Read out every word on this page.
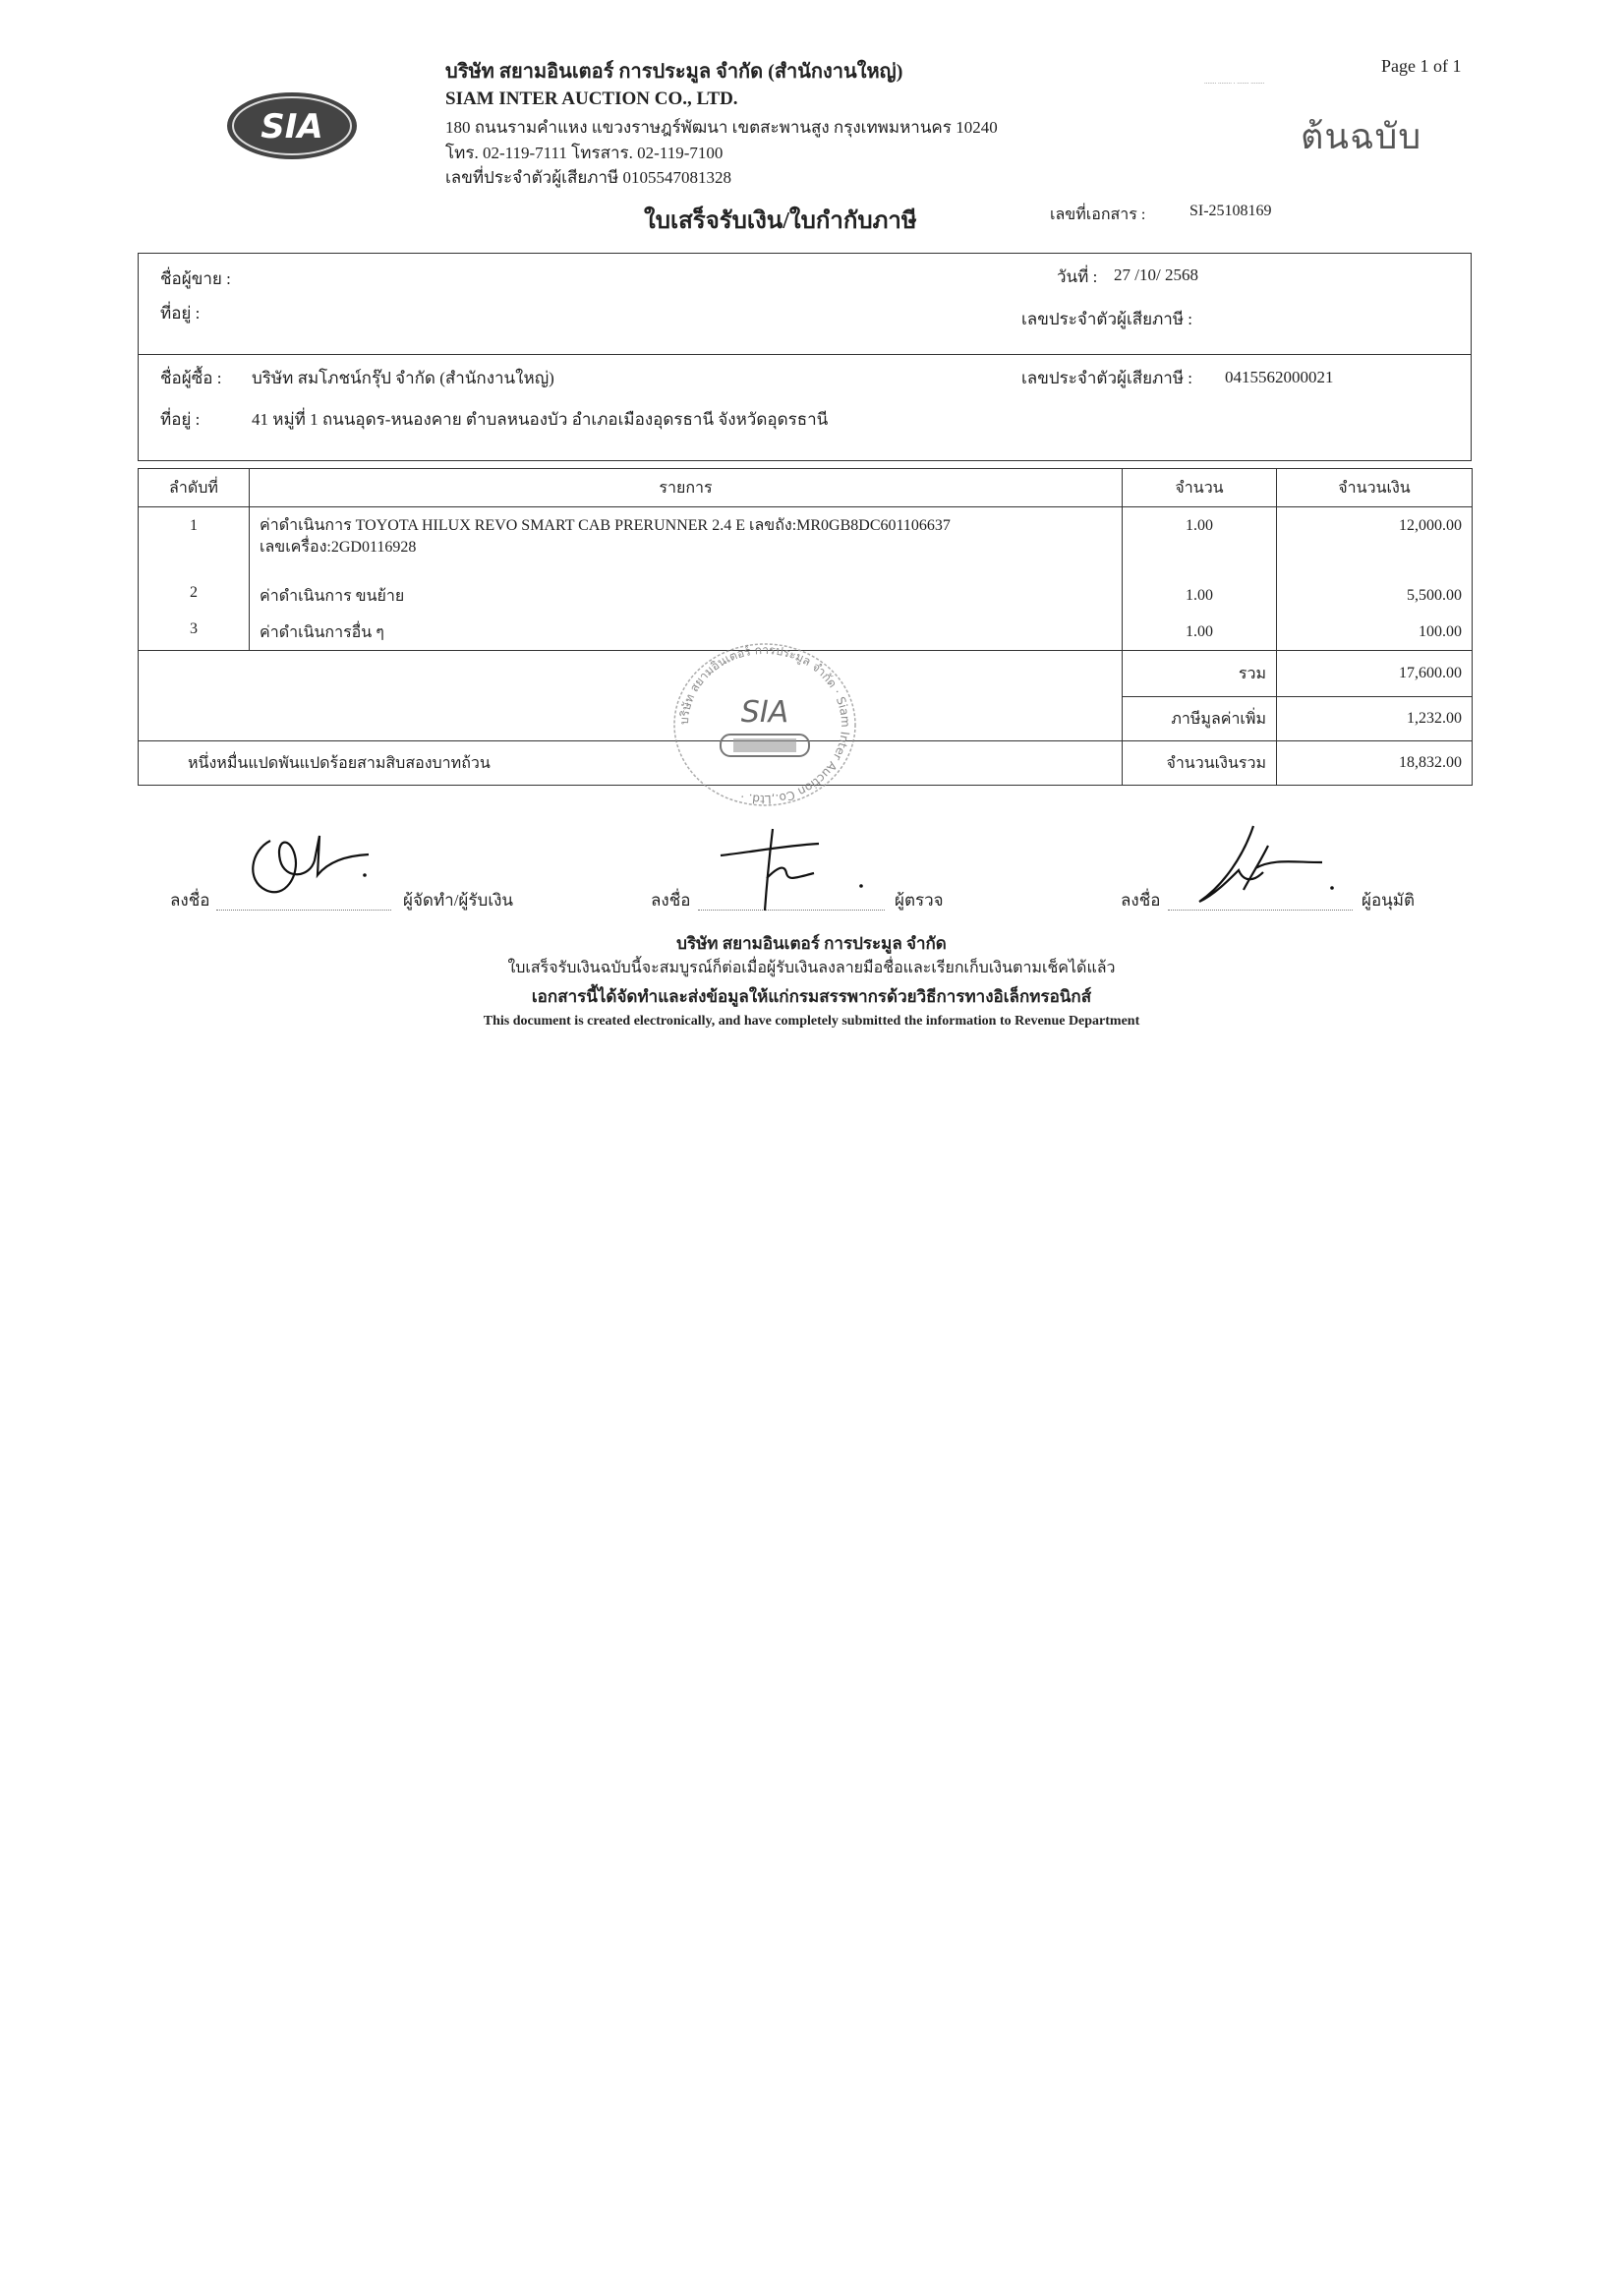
SIA
บริษัท สยามอินเตอร์ การประมูล จำกัด (สำนักงานใหญ่)
SIAM INTER AUCTION CO., LTD.
180 ถนนรามคำแหง แขวงราษฎร์พัฒนา เขตสะพานสูง กรุงเทพมหานคร 10240
โทร. 02-119-7111 โทรสาร. 02-119-7100
เลขที่ประจำตัวผู้เสียภาษี 0105547081328
Page 1 of 1
....... ........ . ....... ........
ต้นฉบับ
ใบเสร็จรับเงิน/ใบกำกับภาษี	เลขที่เอกสาร :	SI-25108169
ชื่อผู้ขาย :
ที่อยู่ :
วันที่ : 27 /10/ 2568
เลขประจำตัวผู้เสียภาษี :
ชื่อผู้ซื้อ : บริษัท สมโภชน์กรุ๊ป จำกัด (สำนักงานใหญ่)	เลขประจำตัวผู้เสียภาษี : 0415562000021
ที่อยู่ :	41 หมู่ที่ 1 ถนนอุดร-หนองคาย ตำบลหนองบัว อำเภอเมืองอุดรธานี จังหวัดอุดรธานี
ลำดับที่	รายการ	จำนวน	จำนวนเงิน
1	ค่าดำเนินการ TOYOTA HILUX REVO SMART CAB PRERUNNER 2.4 E เลขถัง:MR0GB8DC601106637
เลขเครื่อง:2GD0116928	1.00	12,000.00
2	ค่าดำเนินการ ขนย้าย	1.00	5,500.00
3	ค่าดำเนินการอื่น ๆ	1.00	100.00
		รวม	17,600.00
		ภาษีมูลค่าเพิ่ม	1,232.00
หนึ่งหมื่นแปดพันแปดร้อยสามสิบสองบาทถ้วน		จำนวนเงินรวม	18,832.00
บริษัท สยามอินเตอร์ การประมูล จำกัด · Siam Inter Auction Co.,Ltd. ·
SIA
ลงชื่อ	ผู้จัดทำ/ผู้รับเงิน	ลงชื่อ	ผู้ตรวจ	ลงชื่อ	ผู้อนุมัติ
บริษัท สยามอินเตอร์ การประมูล จำกัด
ใบเสร็จรับเงินฉบับนี้จะสมบูรณ์ก็ต่อเมื่อผู้รับเงินลงลายมือชื่อและเรียกเก็บเงินตามเช็คได้แล้ว
เอกสารนี้ได้จัดทำและส่งข้อมูลให้แก่กรมสรรพากรด้วยวิธีการทางอิเล็กทรอนิกส์
This document is created electronically, and have completely submitted the information to Revenue Department
